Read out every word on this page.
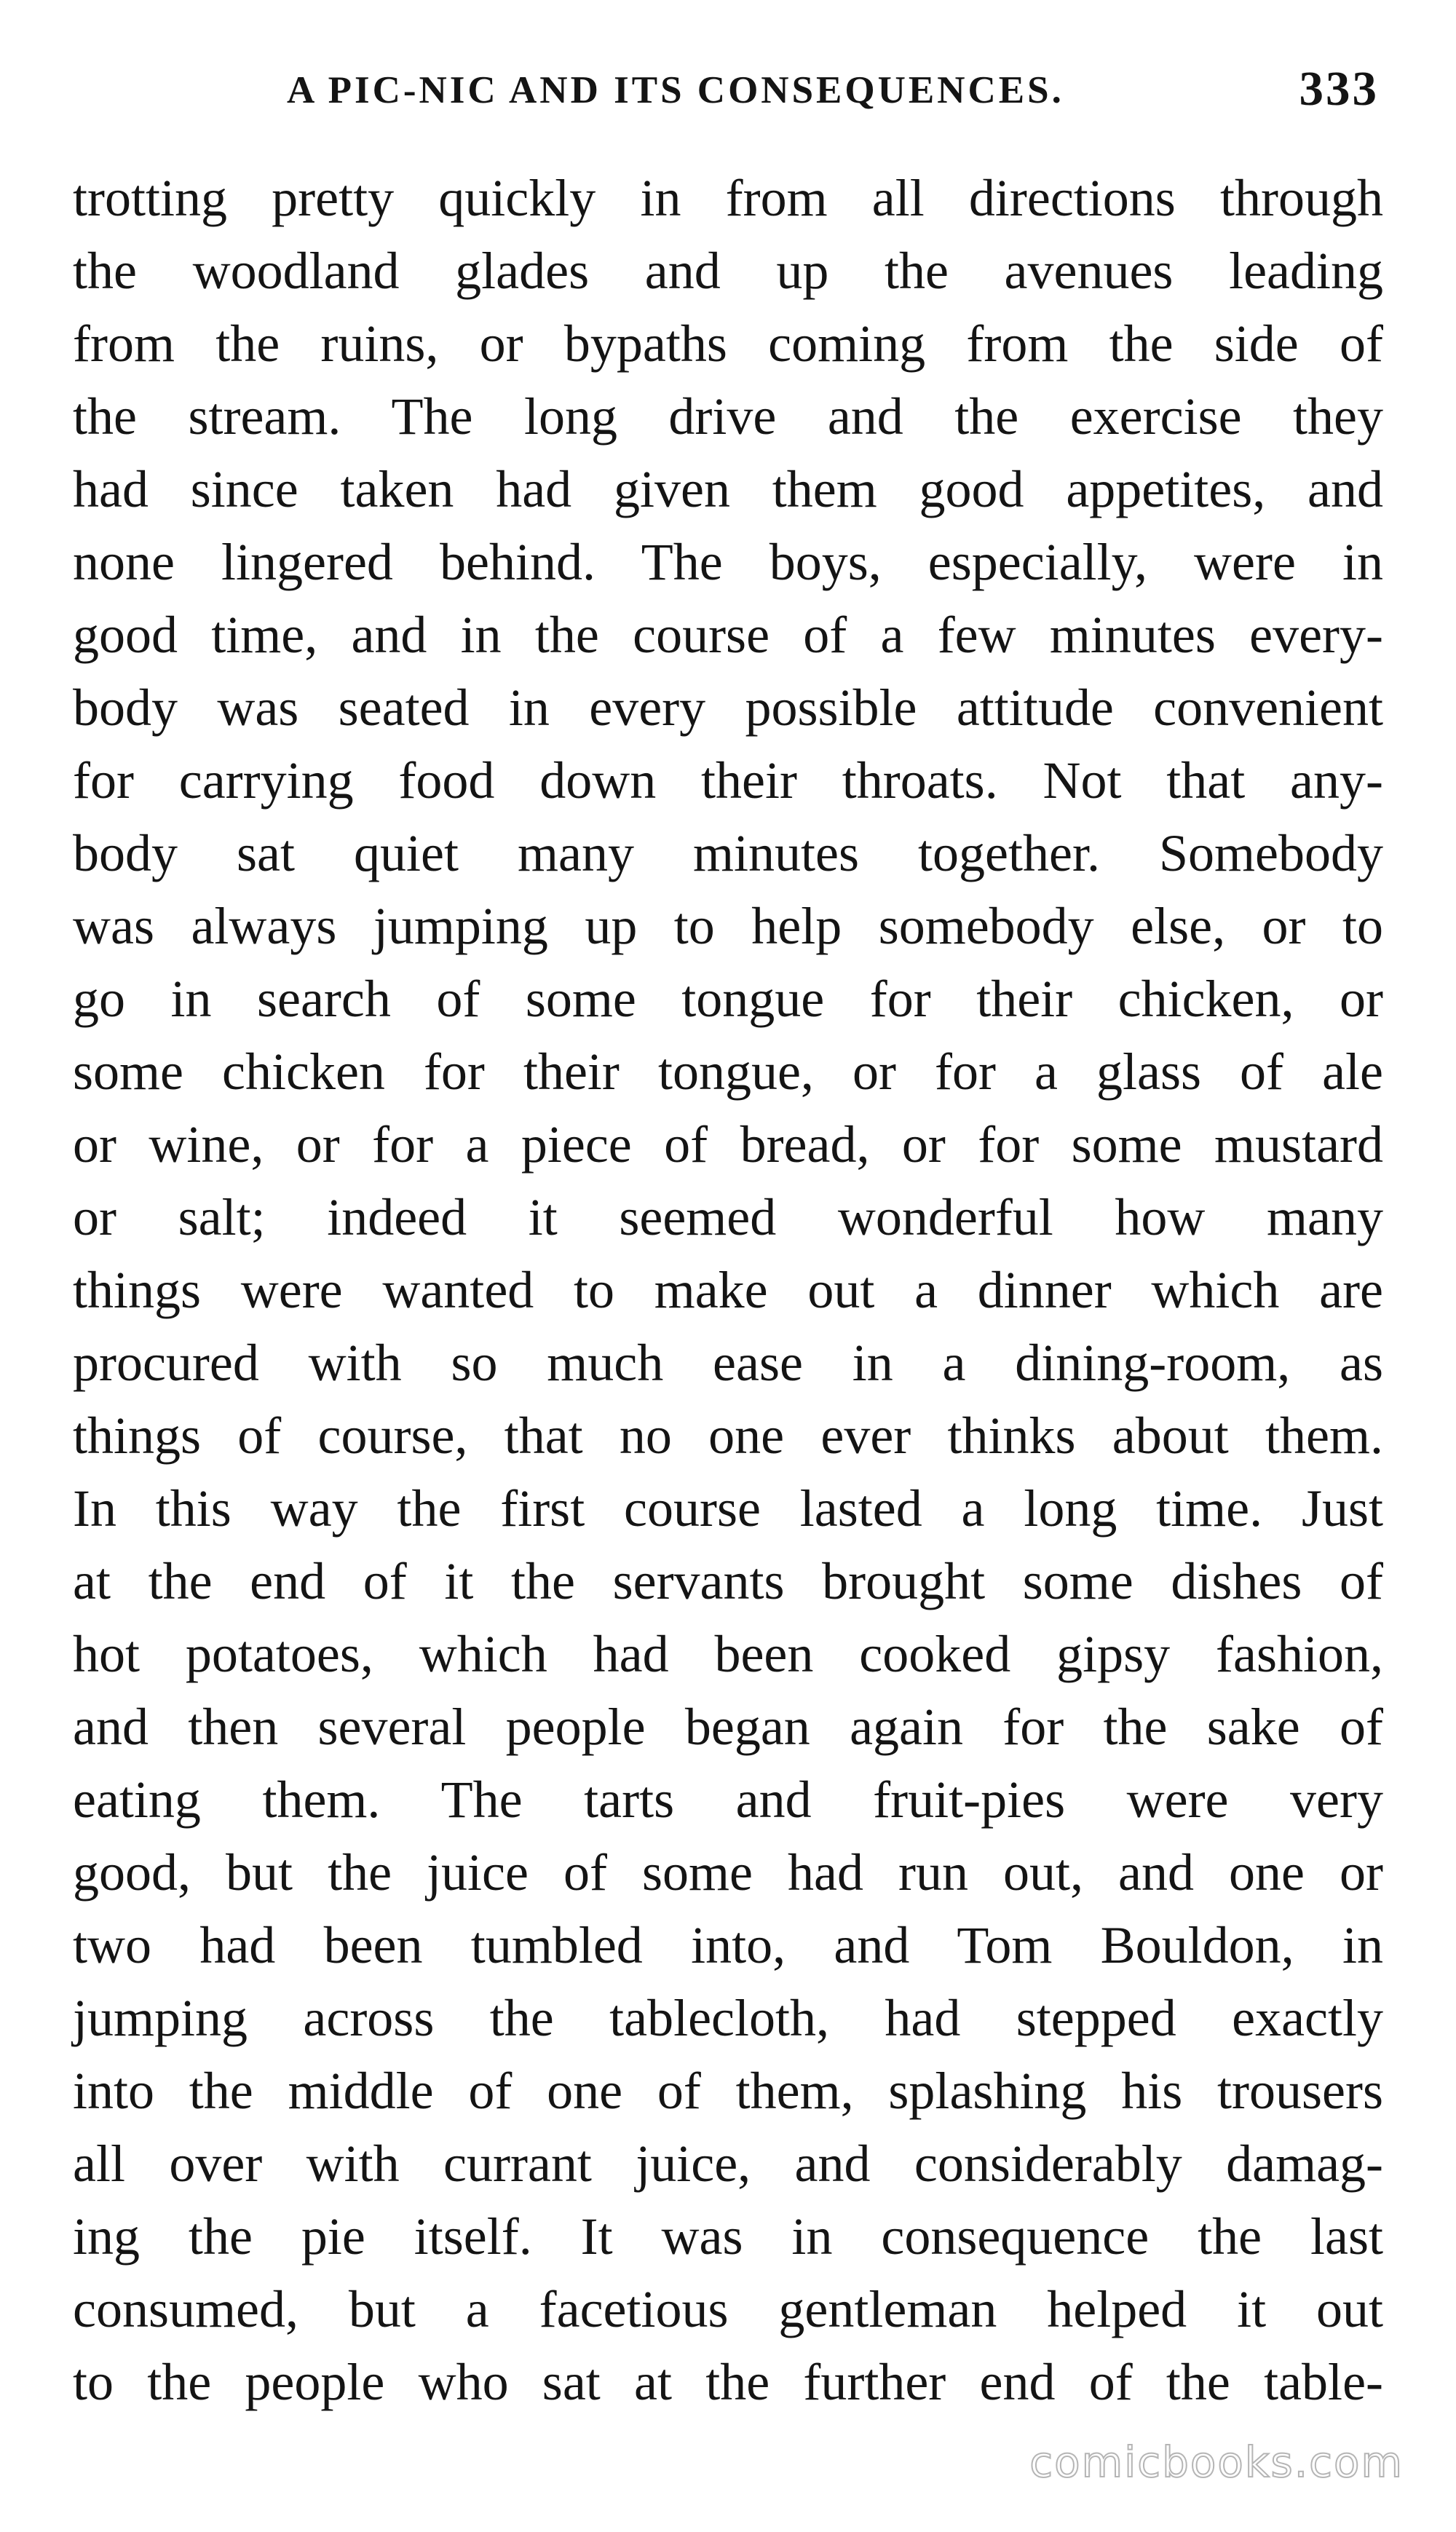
A PIC-NIC AND ITS CONSEQUENCES.	333
trotting pretty quickly in from all directions through
the woodland glades and up the avenues leading
from the ruins, or bypaths coming from the side of
the stream. The long drive and the exercise they
had since taken had given them good appetites, and
none lingered behind. The boys, especially, were in
good time, and in the course of a few minutes every-
body was seated in every possible attitude convenient
for carrying food down their throats. Not that any-
body sat quiet many minutes together. Somebody
was always jumping up to help somebody else, or to
go in search of some tongue for their chicken, or
some chicken for their tongue, or for a glass of ale
or wine, or for a piece of bread, or for some mustard
or salt; indeed it seemed wonderful how many
things were wanted to make out a dinner which are
procured with so much ease in a dining-room, as
things of course, that no one ever thinks about them.
In this way the first course lasted a long time. Just
at the end of it the servants brought some dishes of
hot potatoes, which had been cooked gipsy fashion,
and then several people began again for the sake of
eating them. The tarts and fruit-pies were very
good, but the juice of some had run out, and one or
two had been tumbled into, and Tom Bouldon, in
jumping across the tablecloth, had stepped exactly
into the middle of one of them, splashing his trousers
all over with currant juice, and considerably damag-
ing the pie itself. It was in consequence the last
consumed, but a facetious gentleman helped it out
to the people who sat at the further end of the table-
comicbooks.com
